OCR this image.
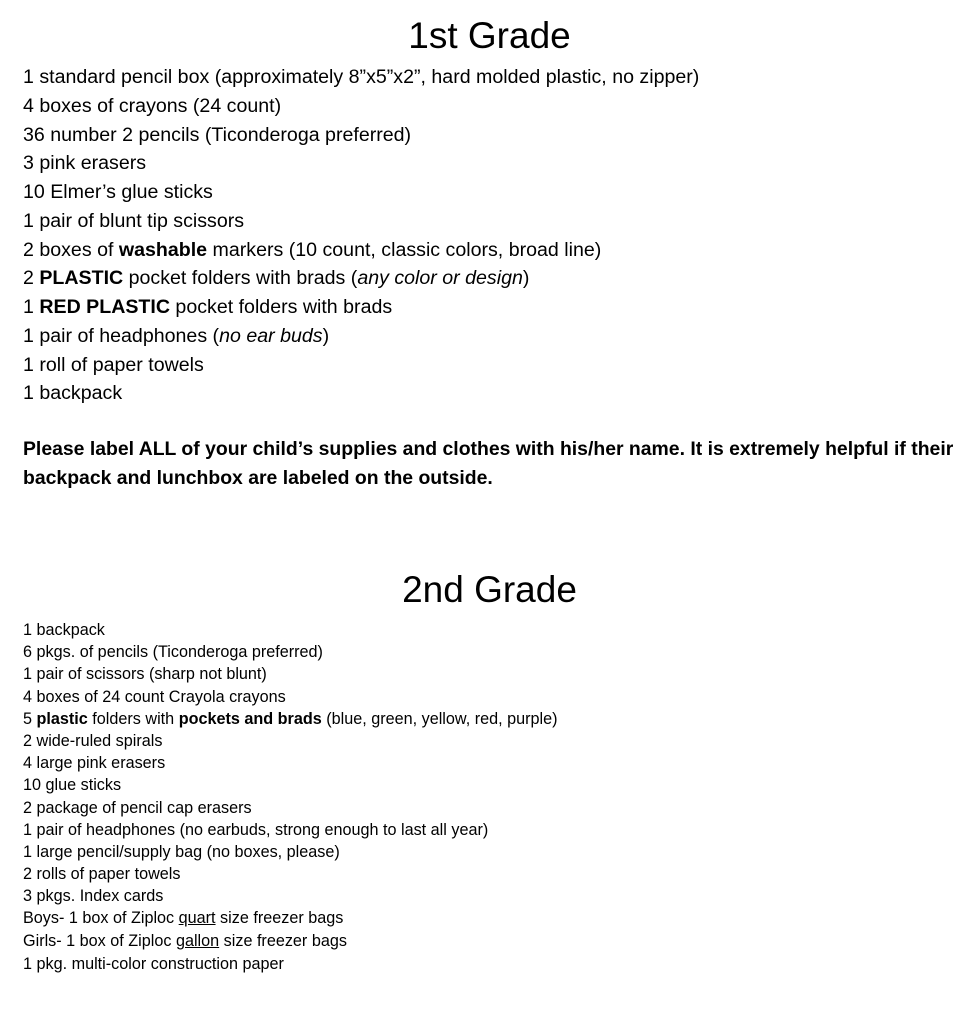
1st Grade
1 standard pencil box (approximately 8”x5”x2”, hard molded plastic, no zipper)
4 boxes of crayons (24 count)
36 number 2 pencils (Ticonderoga preferred)
3 pink erasers
10 Elmer’s glue sticks
1 pair of blunt tip scissors
2 boxes of washable markers (10 count, classic colors, broad line)
2 PLASTIC pocket folders with brads (any color or design)
1 RED PLASTIC pocket folders with brads
1 pair of headphones (no ear buds)
1 roll of paper towels
1 backpack

Please label ALL of your child’s supplies and clothes with his/her name. It is extremely helpful if their backpack and lunchbox are labeled on the outside.

2nd Grade
1 backpack
6 pkgs. of pencils (Ticonderoga preferred)
1 pair of scissors (sharp not blunt)
4 boxes of 24 count Crayola crayons
5 plastic folders with pockets and brads (blue, green, yellow, red, purple)
2 wide-ruled spirals
4 large pink erasers
10 glue sticks
2 package of pencil cap erasers
1 pair of headphones (no earbuds, strong enough to last all year)
1 large pencil/supply bag (no boxes, please)
2 rolls of paper towels
3 pkgs. Index cards
Boys- 1 box of Ziploc quart size freezer bags
Girls- 1 box of Ziploc gallon size freezer bags
1 pkg. multi-color construction paper
